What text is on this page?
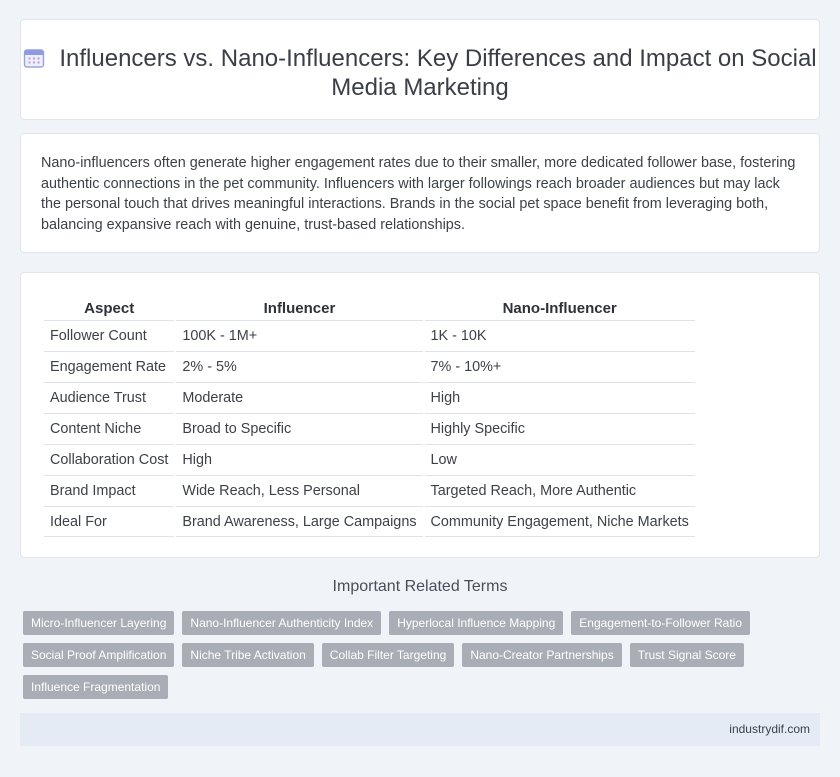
Influencers vs. Nano-Influencers: Key Differences and Impact on Social Media Marketing

Nano-influencers often generate higher engagement rates due to their smaller, more dedicated follower base, fostering authentic connections in the pet community. Influencers with larger followings reach broader audiences but may lack the personal touch that drives meaningful interactions. Brands in the social pet space benefit from leveraging both, balancing expansive reach with genuine, trust-based relationships.

Aspect	Influencer	Nano-Influencer
Follower Count	100K - 1M+	1K - 10K
Engagement Rate	2% - 5%	7% - 10%+
Audience Trust	Moderate	High
Content Niche	Broad to Specific	Highly Specific
Collaboration Cost	High	Low
Brand Impact	Wide Reach, Less Personal	Targeted Reach, More Authentic
Ideal For	Brand Awareness, Large Campaigns	Community Engagement, Niche Markets
Important Related Terms
Micro-Influencer Layering	Nano-Influencer Authenticity Index	Hyperlocal Influence Mapping	Engagement-to-Follower Ratio
Social Proof Amplification	Niche Tribe Activation	Collab Filter Targeting	Nano-Creator Partnerships	Trust Signal Score
Influence Fragmentation
industrydif.com
